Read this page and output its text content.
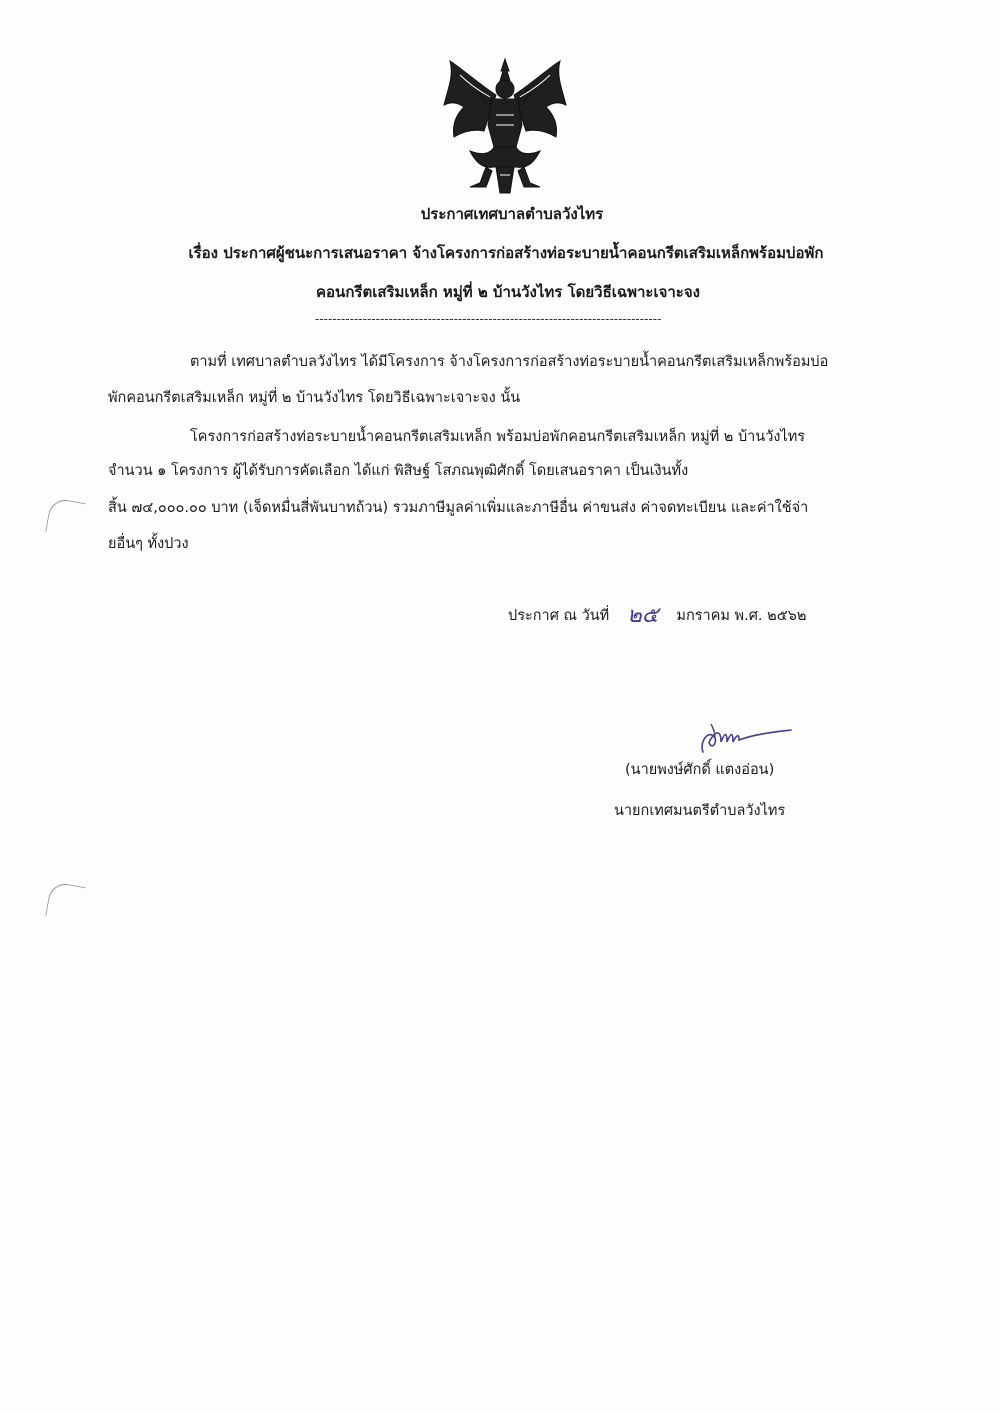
ประกาศเทศบาลตำบลวังไทร
เรื่อง ประกาศผู้ชนะการเสนอราคา จ้างโครงการก่อสร้างท่อระบายน้ำคอนกรีตเสริมเหล็กพร้อมบ่อพัก
คอนกรีตเสริมเหล็ก หมู่ที่ ๒ บ้านวังไทร โดยวิธีเฉพาะเจาะจง
--------------------------------------------------------------------------------
ตามที่ เทศบาลตำบลวังไทร ได้มีโครงการ จ้างโครงการก่อสร้างท่อระบายน้ำคอนกรีตเสริมเหล็กพร้อมบ่อ
พักคอนกรีตเสริมเหล็ก หมู่ที่ ๒ บ้านวังไทร โดยวิธีเฉพาะเจาะจง นั้น
โครงการก่อสร้างท่อระบายน้ำคอนกรีตเสริมเหล็ก พร้อมบ่อพักคอนกรีตเสริมเหล็ก หมู่ที่ ๒ บ้านวังไทร
จำนวน ๑ โครงการ ผู้ได้รับการคัดเลือก ได้แก่ พิสิษฐ์ โสภณพุฒิศักดิ์ โดยเสนอราคา เป็นเงินทั้ง
สิ้น ๗๔,๐๐๐.๐๐ บาท (เจ็ดหมื่นสี่พันบาทถ้วน) รวมภาษีมูลค่าเพิ่มและภาษีอื่น ค่าขนส่ง ค่าจดทะเบียน และค่าใช้จ่า
ยอื่นๆ ทั้งปวง
ประกาศ ณ วันที่ ๒๕ มกราคม พ.ศ. ๒๕๖๒
(นายพงษ์ศักดิ์ แตงอ่อน)
นายกเทศมนตรีตำบลวังไทร
